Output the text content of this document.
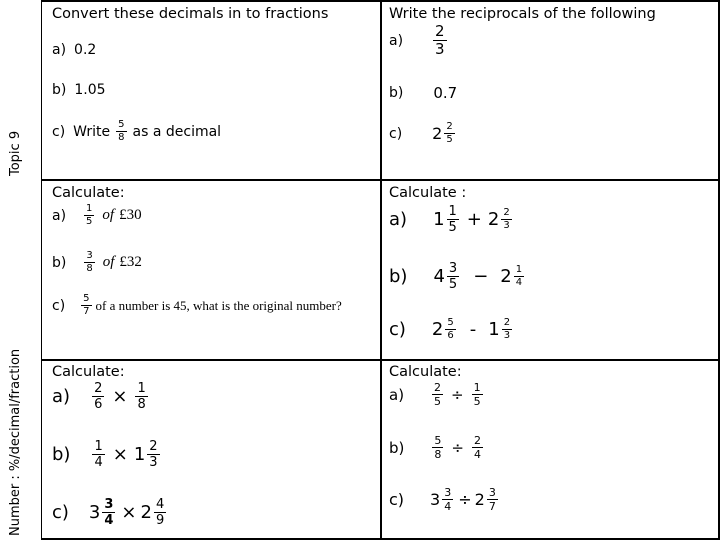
Topic 9
Number : %/decimal/fraction
Convert these decimals in to fractions
a) 0.2
b) 1.05
c) Write $\frac{5}{8}$ as a decimal
Write the reciprocals of the following
$a) \frac{2}{3}$
b) 0.7
c) $2 \frac{2}{5}$
Calculate:
$a) \frac{1}{5}$ of £30
$b) \frac{3}{8}$ of £32
$c) \frac{5}{7}$ of a number is 45, what is the original number?
Calculate :
a) $1 \frac{1}{5} + 2 \frac{2}{3}$
b) $4 \frac{3}{5} - 2 \frac{1}{4}$
c) $2 \frac{5}{6} - 1 \frac{2}{3}$
Calculate:
$a) \frac{2}{6} \times \frac{1}{8}$
$b) \frac{1}{4} \times 1 \frac{2}{3}$
c) $3 \frac{3}{4} \times 2 \frac{4}{9}$
Calculate:
a)	$\frac{2}{5} \div \frac{1}{5}$
b)	$\frac{5}{8} \div \frac{2}{4}$
c) $3 \frac{3}{4} \div 2 \frac{3}{7}$
